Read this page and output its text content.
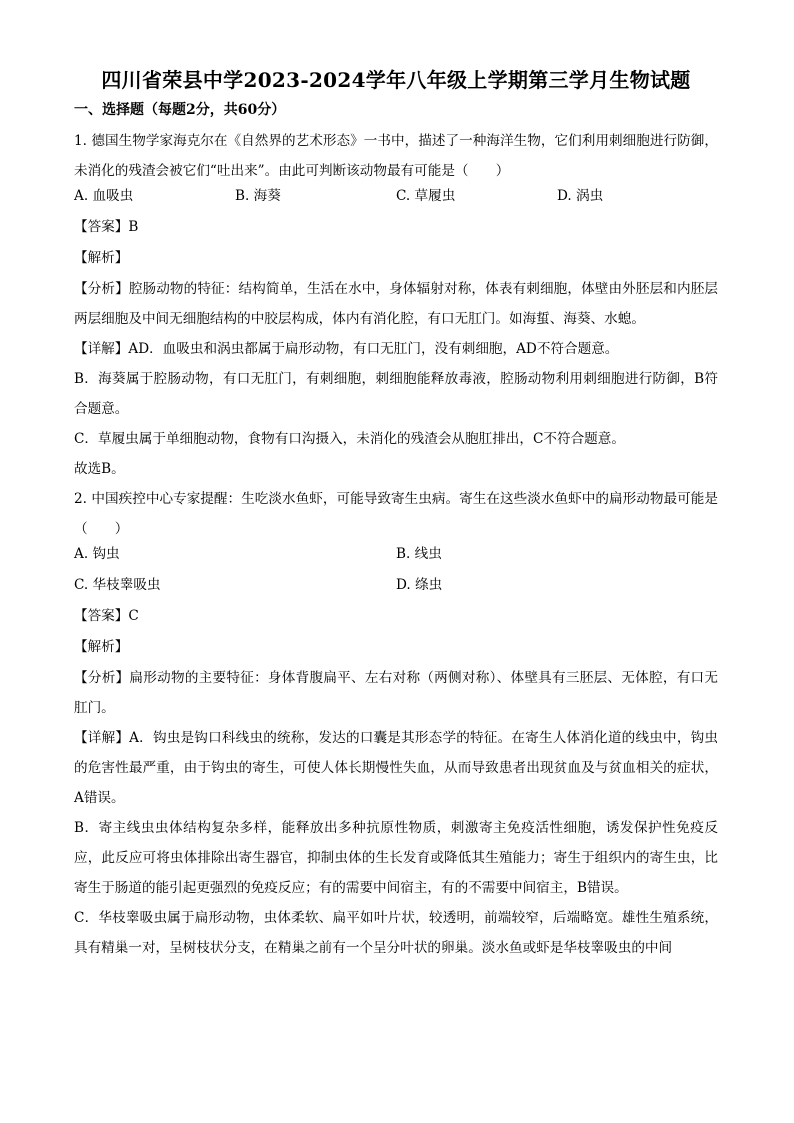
四川省荣县中学2023-2024学年八年级上学期第三学月生物试题
一、选择题（每题2分，共60分）
1. 德国生物学家海克尔在《自然界的艺术形态》一书中，描述了一种海洋生物，它们利用刺细胞进行防御，未消化的残渣会被它们“吐出来”。由此可判断该动物最有可能是（　　）
A. 血吸虫	B. 海葵	C. 草履虫	D. 涡虫
【答案】B
【解析】
【分析】腔肠动物的特征：结构简单，生活在水中，身体辐射对称，体表有刺细胞，体壁由外胚层和内胚层两层细胞及中间无细胞结构的中胶层构成，体内有消化腔，有口无肛门。如海蜇、海葵、水螅。
【详解】AD．血吸虫和涡虫都属于扁形动物，有口无肛门，没有刺细胞，AD不符合题意。
B．海葵属于腔肠动物，有口无肛门，有刺细胞，刺细胞能释放毒液，腔肠动物利用刺细胞进行防御，B符合题意。
C．草履虫属于单细胞动物，食物有口沟摄入，未消化的残渣会从胞肛排出，C不符合题意。
故选B。
2. 中国疾控中心专家提醒：生吃淡水鱼虾，可能导致寄生虫病。寄生在这些淡水鱼虾中的扁形动物最可能是（　　）
A. 钩虫	B. 线虫
C. 华枝睾吸虫	D. 绦虫
【答案】C
【解析】
【分析】扁形动物的主要特征：身体背腹扁平、左右对称（两侧对称）、体壁具有三胚层、无体腔，有口无肛门。
【详解】A．钩虫是钩口科线虫的统称，发达的口囊是其形态学的特征。在寄生人体消化道的线虫中，钩虫的危害性最严重，由于钩虫的寄生，可使人体长期慢性失血，从而导致患者出现贫血及与贫血相关的症状，A错误。
B．寄主线虫虫体结构复杂多样，能释放出多种抗原性物质，刺激寄主免疫活性细胞，诱发保护性免疫反应，此反应可将虫体排除出寄生器官，抑制虫体的生长发育或降低其生殖能力；寄生于组织内的寄生虫，比寄生于肠道的能引起更强烈的免疫反应；有的需要中间宿主，有的不需要中间宿主，B错误。
C．华枝睾吸虫属于扁形动物，虫体柔软、扁平如叶片状，较透明，前端较窄，后端略宽。雄性生殖系统，具有精巢一对，呈树枝状分支，在精巢之前有一个呈分叶状的卵巢。淡水鱼或虾是华枝睾吸虫的中间
